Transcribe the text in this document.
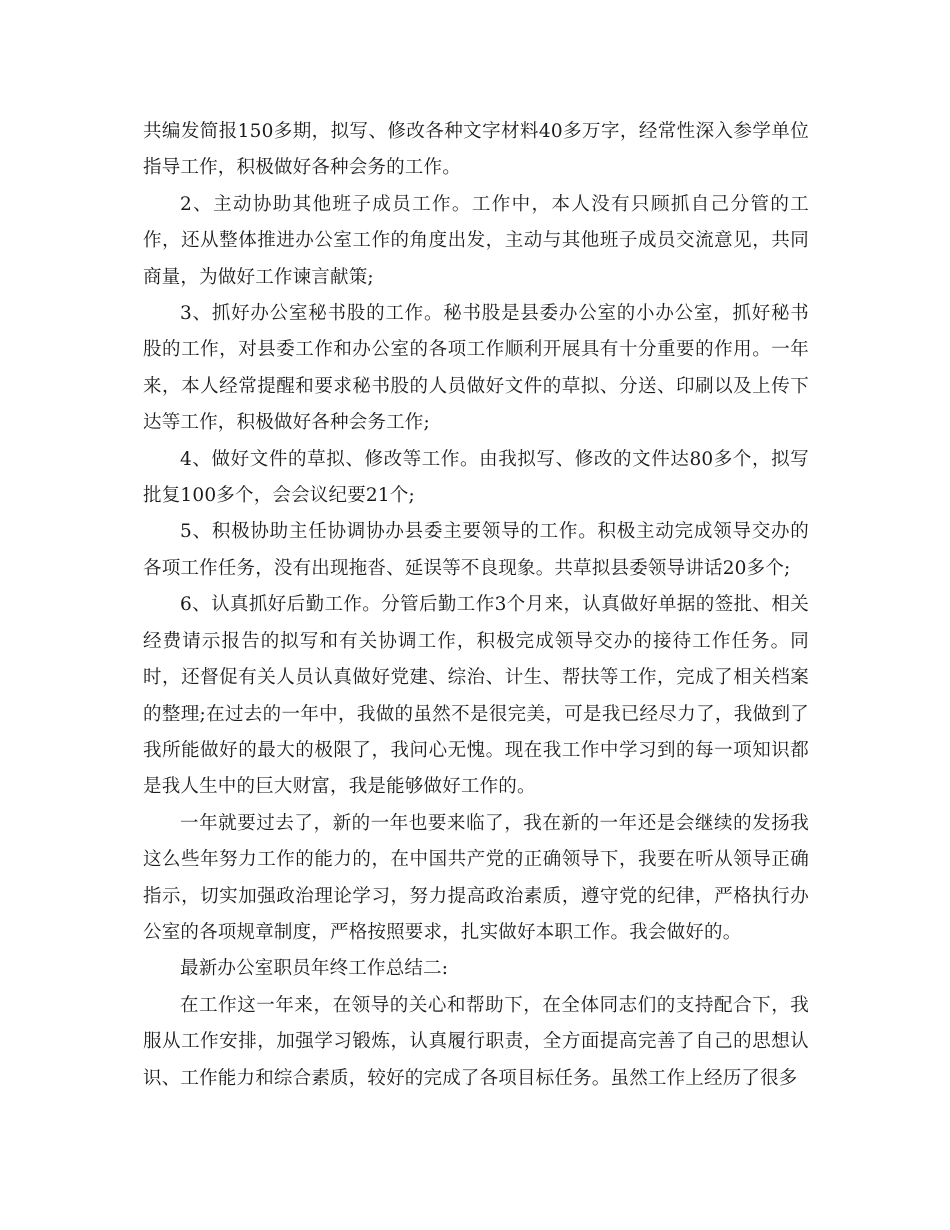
共编发简报150多期，拟写、修改各种文字材料40多万字，经常性深入参学单位指导工作，积极做好各种会务的工作。

2、主动协助其他班子成员工作。工作中，本人没有只顾抓自己分管的工作，还从整体推进办公室工作的角度出发，主动与其他班子成员交流意见，共同商量，为做好工作谏言献策;

3、抓好办公室秘书股的工作。秘书股是县委办公室的小办公室，抓好秘书股的工作，对县委工作和办公室的各项工作顺利开展具有十分重要的作用。一年来，本人经常提醒和要求秘书股的人员做好文件的草拟、分送、印刷以及上传下达等工作，积极做好各种会务工作;

4、做好文件的草拟、修改等工作。由我拟写、修改的文件达80多个，拟写批复100多个，会会议纪要21个;

5、积极协助主任协调协办县委主要领导的工作。积极主动完成领导交办的各项工作任务，没有出现拖沓、延误等不良现象。共草拟县委领导讲话20多个;

6、认真抓好后勤工作。分管后勤工作3个月来，认真做好单据的签批、相关经费请示报告的拟写和有关协调工作，积极完成领导交办的接待工作任务。同时，还督促有关人员认真做好党建、综治、计生、帮扶等工作，完成了相关档案的整理;在过去的一年中，我做的虽然不是很完美，可是我已经尽力了，我做到了我所能做好的最大的极限了，我问心无愧。现在我工作中学习到的每一项知识都是我人生中的巨大财富，我是能够做好工作的。

一年就要过去了，新的一年也要来临了，我在新的一年还是会继续的发扬我这么些年努力工作的能力的，在中国共产党的正确领导下，我要在听从领导正确指示，切实加强政治理论学习，努力提高政治素质，遵守党的纪律，严格执行办公室的各项规章制度，严格按照要求，扎实做好本职工作。我会做好的。

最新办公室职员年终工作总结二:

在工作这一年来，在领导的关心和帮助下，在全体同志们的支持配合下，我服从工作安排，加强学习锻炼，认真履行职责，全方面提高完善了自己的思想认识、工作能力和综合素质，较好的完成了各项目标任务。虽然工作上经历了很多
